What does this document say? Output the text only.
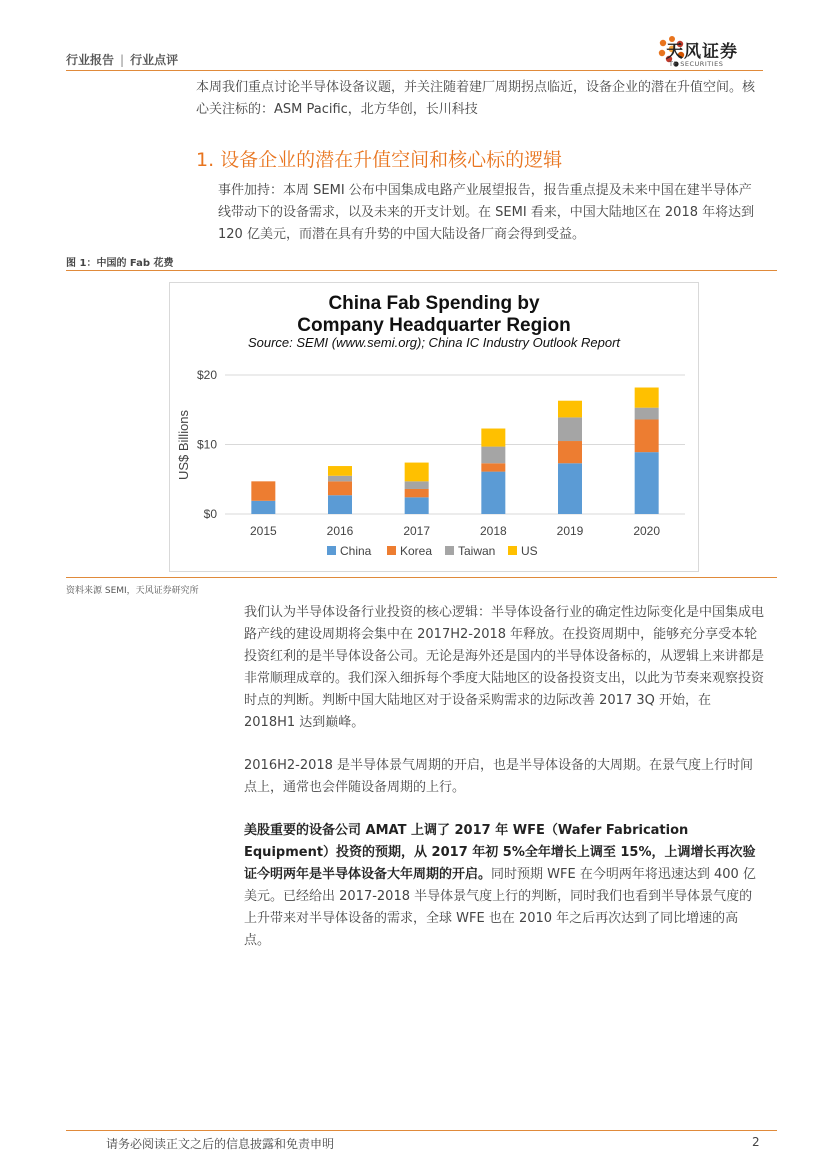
行业报告 | 行业点评	天风证券
TF SECURITIES

本周我们重点讨论半导体设备议题，并关注随着建厂周期拐点临近，设备企业的潜在升值空间。核心关注标的：ASM Pacific，北方华创，长川科技

1. 设备企业的潜在升值空间和核心标的逻辑

事件加持：本周 SEMI 公布中国集成电路产业展望报告，报告重点提及未来中国在建半导体产线带动下的设备需求，以及未来的开支计划。在 SEMI 看来，中国大陆地区在 2018 年将达到 120 亿美元，而潜在具有升势的中国大陆设备厂商会得到受益。

图 1：中国的 Fab 花费
China Fab Spending by
Company Headquarter Region
Source: SEMI (www.semi.org); China IC Industry Outlook Report
US$ Billions
2015	2016	2017	2018	2019	2020
$0
$10
$20
China Korea Taiwan US
资料来源 SEMI，天风证券研究所

我们认为半导体设备行业投资的核心逻辑：半导体设备行业的确定性边际变化是中国集成电路产线的建设周期将会集中在 2017H2-2018 年释放。在投资周期中，能够充分享受本轮投资红利的是半导体设备公司。无论是海外还是国内的半导体设备标的，从逻辑上来讲都是非常顺理成章的。我们深入细拆每个季度大陆地区的设备投资支出，以此为节奏来观察投资时点的判断。判断中国大陆地区对于设备采购需求的边际改善 2017 3Q 开始，在 2018H1 达到巅峰。

2016H2-2018 是半导体景气周期的开启，也是半导体设备的大周期。在景气度上行时间点上，通常也会伴随设备周期的上行。

美股重要的设备公司 AMAT 上调了 2017 年 WFE（Wafer Fabrication Equipment）投资的预期，从 2017 年初 5%全年增长上调至 15%，上调增长再次验证今明两年是半导体设备大年周期的开启。同时预期 WFE 在今明两年将迅速达到 400 亿美元。已经给出 2017-2018 半导体景气度上行的判断，同时我们也看到半导体景气度的上升带来对半导体设备的需求，全球 WFE 也在 2010 年之后再次达到了同比增速的高点。

请务必阅读正文之后的信息披露和免责申明	2
